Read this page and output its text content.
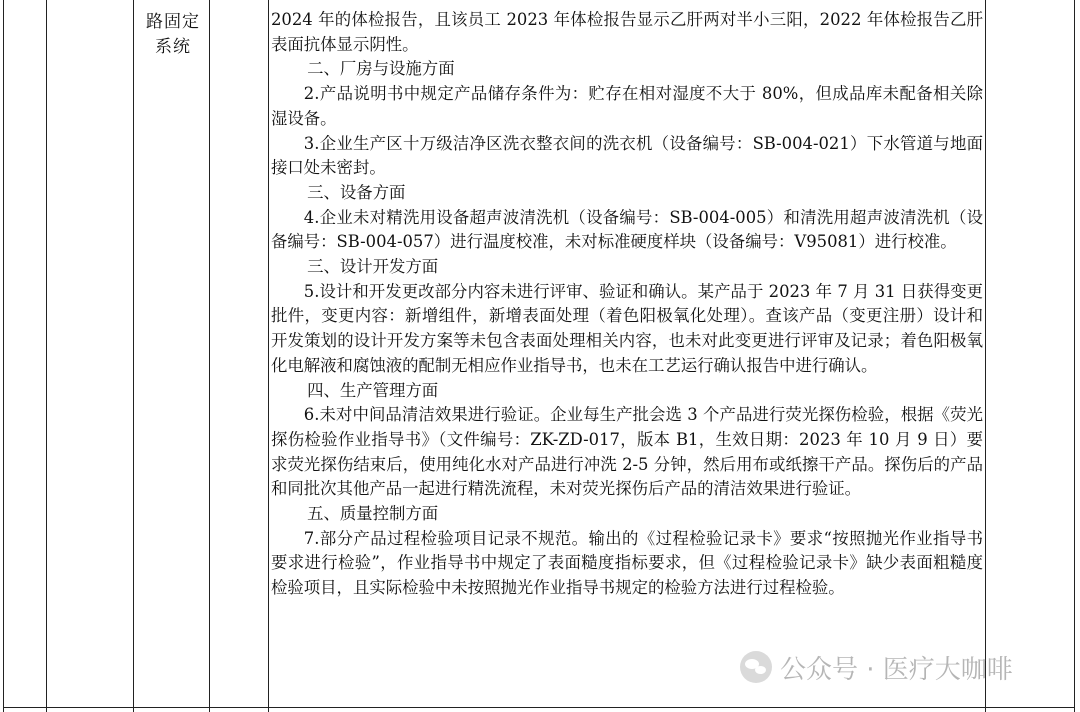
路固定系统

2024 年的体检报告，且该员工 2023 年体检报告显示乙肝两对半小三阳，2022 年体检报告乙肝表面抗体显示阴性。

二、厂房与设施方面

2.产品说明书中规定产品储存条件为：贮存在相对湿度不大于 80%，但成品库未配备相关除湿设备。

3.企业生产区十万级洁净区洗衣整衣间的洗衣机（设备编号：SB-004-021）下水管道与地面接口处未密封。

三、设备方面

4.企业未对精洗用设备超声波清洗机（设备编号：SB-004-005）和清洗用超声波清洗机（设备编号：SB-004-057）进行温度校准，未对标准硬度样块（设备编号：V95081）进行校准。

三、设计开发方面

5.设计和开发更改部分内容未进行评审、验证和确认。某产品于 2023 年 7 月 31 日获得变更批件，变更内容：新增组件，新增表面处理（着色阳极氧化处理）。查该产品（变更注册）设计和开发策划的设计开发方案等未包含表面处理相关内容，也未对此变更进行评审及记录；着色阳极氧化电解液和腐蚀液的配制无相应作业指导书，也未在工艺运行确认报告中进行确认。

四、生产管理方面

6.未对中间品清洁效果进行验证。企业每生产批会选 3 个产品进行荧光探伤检验，根据《荧光探伤检验作业指导书》（文件编号：ZK-ZD-017，版本 B1，生效日期：2023 年 10 月 9 日）要求荧光探伤结束后，使用纯化水对产品进行冲洗 2-5 分钟，然后用布或纸擦干产品。探伤后的产品和同批次其他产品一起进行精洗流程，未对荧光探伤后产品的清洁效果进行验证。

五、质量控制方面

7.部分产品过程检验项目记录不规范。输出的《过程检验记录卡》要求“按照抛光作业指导书要求进行检验”，作业指导书中规定了表面糙度指标要求，但《过程检验记录卡》缺少表面粗糙度检验项目，且实际检验中未按照抛光作业指导书规定的检验方法进行过程检验。

公众号 · 医疗大咖啡
